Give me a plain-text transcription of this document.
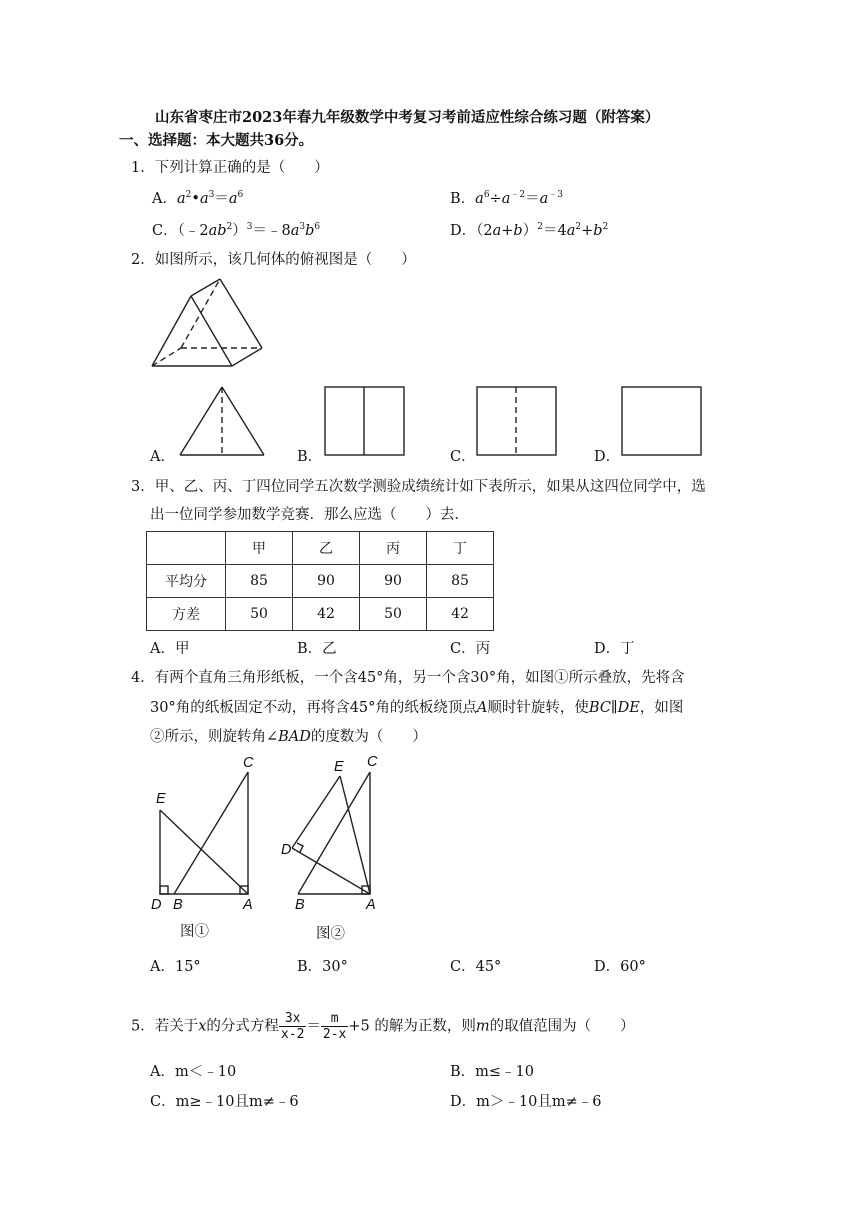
山东省枣庄市2023年春九年级数学中考复习考前适应性综合练习题（附答案）
一、选择题：本大题共36分。
1．下列计算正确的是（　　）
A．$a^2•a^3=a^6$	B．$a^6\div a^{﹣2}=a^{﹣3}$
C．$(﹣2ab^2)^3=﹣8a^3b^6$	D．$(2a+b)^2=4a^2+b^2$
2．如图所示，该几何体的俯视图是（　　）
A．	B．	C．	D．
3．甲、乙、丙、丁四位同学五次数学测验成绩统计如下表所示，如果从这四位同学中，选
出一位同学参加数学竞赛．那么应选（　　）去．
	甲	乙	丙	丁
平均分	85	90	90	85
方差	50	42	50	42
A．甲	B．乙	C．丙	D．丁
4．有两个直角三角形纸板，一个含45°角，另一个含30°角，如图①所示叠放，先将含
30°角的纸板固定不动，再将含45°角的纸板绕顶点A顺时针旋转，使BC∥DE，如图
②所示，则旋转角∠BAD的度数为（　　）
C
E
D B	A
图①
C
E
D
B	A
图②
A．15°	B．30°	C．45°	D．60°
5．若关于x的分式方程 $\frac{3x}{x-2} = \frac{m}{2-x} +5$ 的解为正数，则m的取值范围为（　　）
A．m＜﹣10	B．m≤﹣10
C．m≥﹣10且m≠﹣6	D．m＞﹣10且m≠﹣6
